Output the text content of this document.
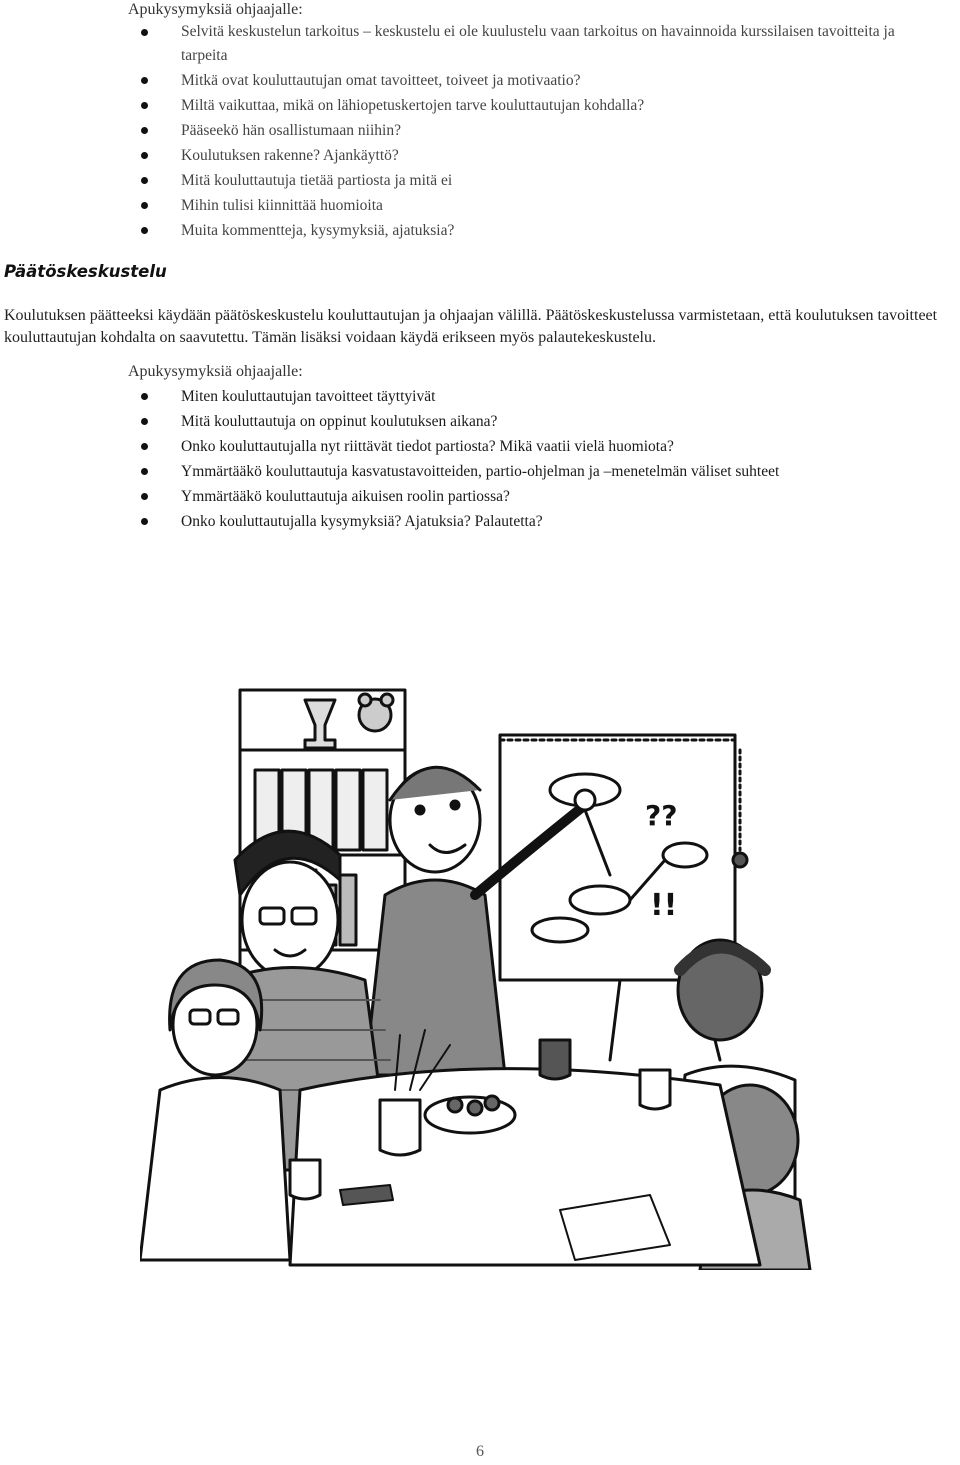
Apukysymyksiä ohjaajalle:
Selvitä keskustelun tarkoitus – keskustelu ei ole kuulustelu vaan tarkoitus on havainnoida kurssilaisen tavoitteita ja tarpeita
Mitkä ovat kouluttautujan omat tavoitteet, toiveet ja motivaatio?
Miltä vaikuttaa, mikä on lähiopetuskertojen tarve kouluttautujan kohdalla?
Pääseekö hän osallistumaan niihin?
Koulutuksen rakenne? Ajankäyttö?
Mitä kouluttautuja tietää partiosta ja mitä ei
Mihin tulisi kiinnittää huomioita
Muita kommentteja, kysymyksiä, ajatuksia?
Päätöskeskustelu
Koulutuksen päätteeksi käydään päätöskeskustelu kouluttautujan ja ohjaajan välillä. Päätöskeskustelussa varmistetaan, että koulutuksen tavoitteet kouluttautujan kohdalta on saavutettu. Tämän lisäksi voidaan käydä erikseen myös palautekeskustelu.
Apukysymyksiä ohjaajalle:
Miten kouluttautujan tavoitteet täyttyivät
Mitä kouluttautuja on oppinut koulutuksen aikana?
Onko kouluttautujalla nyt riittävät tiedot partiosta? Mikä vaatii vielä huomiota?
Ymmärtääkö kouluttautuja kasvatustavoitteiden, partio-ohjelman ja –menetelmän väliset suhteet
Ymmärtääkö kouluttautuja aikuisen roolin partiossa?
Onko kouluttautujalla kysymyksiä? Ajatuksia? Palautetta?
??
!!
6
